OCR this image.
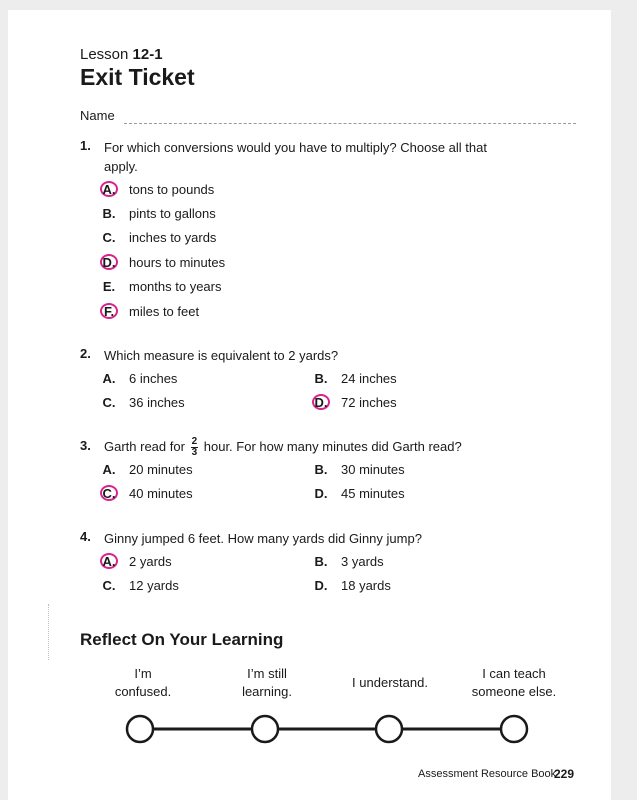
Lesson 12-1
Exit Ticket
Name
1. For which conversions would you have to multiply? Choose all that apply.
A.	tons to pounds
B.	pints to gallons
C.	inches to yards
D.	hours to minutes
E.	months to years
F.	miles to feet
2. Which measure is equivalent to 2 yards?
A.	6 inches	B.	24 inches
C.	36 inches	D.	72 inches
3. Garth read for $\frac{2}{3}$ hour. For how many minutes did Garth read?
A.	20 minutes	B.	30 minutes
C.	40 minutes	D.	45 minutes
4. Ginny jumped 6 feet. How many yards did Ginny jump?
A.	2 yards	B.	3 yards
C.	12 yards	D.	18 yards
Reflect On Your Learning
I’m
confused.
I’m still
learning.
I understand.
I can teach
someone else.
Assessment Resource Book
229
